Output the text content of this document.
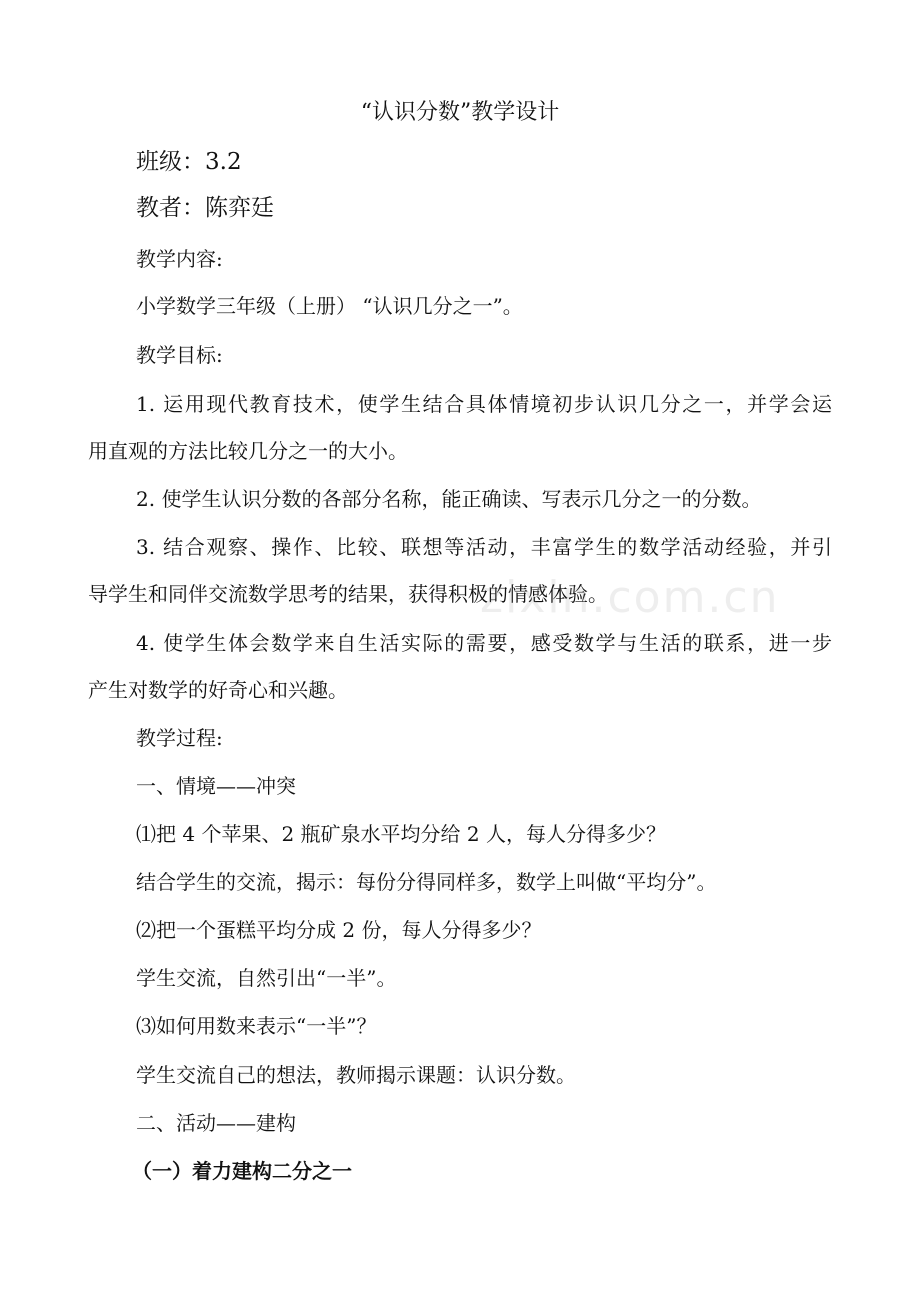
“认识分数”教学设计
班级：3.2
教者：陈弈廷
教学内容:
小学数学三年级（上册） “认识几分之一”。
教学目标:
1. 运用现代教育技术，使学生结合具体情境初步认识几分之一，并学会运
用直观的方法比较几分之一的大小。
2. 使学生认识分数的各部分名称，能正确读、写表示几分之一的分数。
3. 结合观察、操作、比较、联想等活动，丰富学生的数学活动经验，并引
导学生和同伴交流数学思考的结果，获得积极的情感体验。
4. 使学生体会数学来自生活实际的需要，感受数学与生活的联系，进一步
产生对数学的好奇心和兴趣。
教学过程:
一、情境——冲突
⑴把 4 个苹果、2 瓶矿泉水平均分给 2 人，每人分得多少？
结合学生的交流，揭示：每份分得同样多，数学上叫做“平均分”。
⑵把一个蛋糕平均分成 2 份，每人分得多少？
学生交流，自然引出“一半”。
⑶如何用数来表示“一半”？
学生交流自己的想法，教师揭示课题：认识分数。
二、活动——建构
（一）着力建构二分之一
zixin.com.cn
